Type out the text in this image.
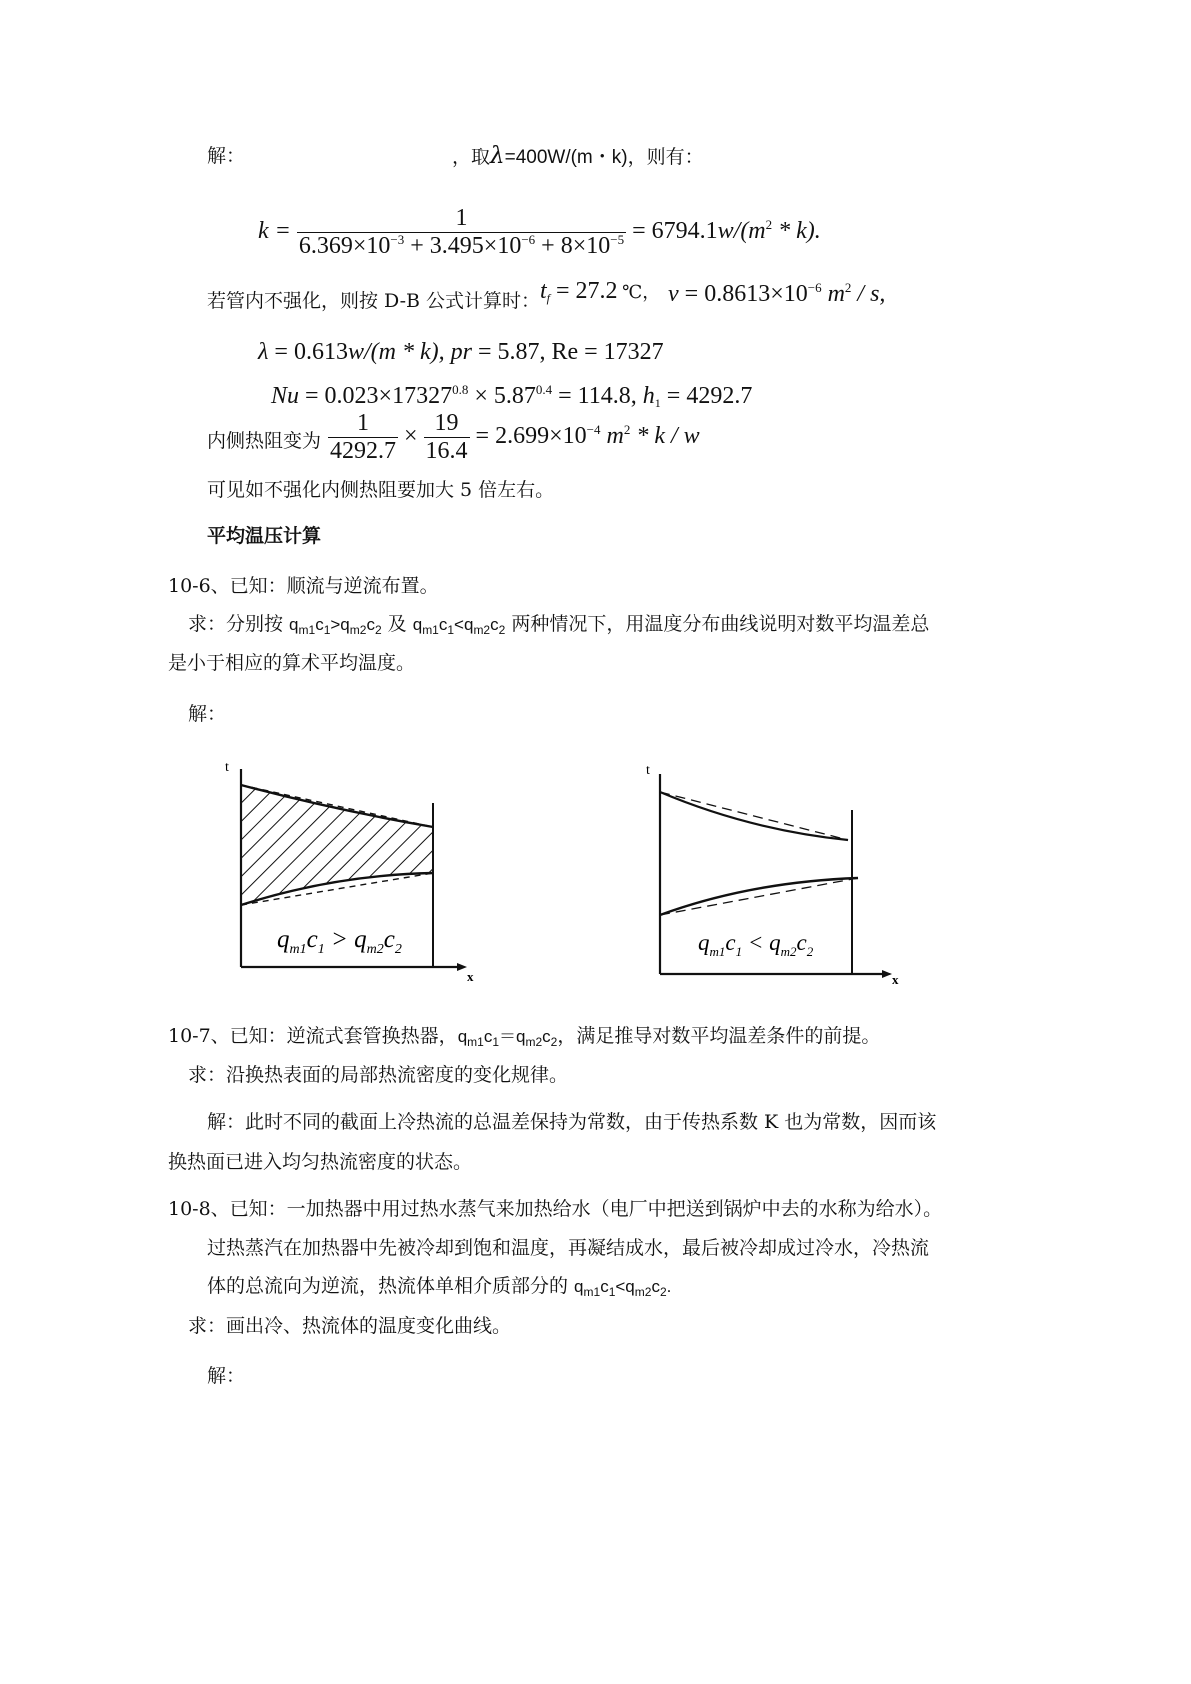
解：	，取λ=400W/(m・k)，则有：
$k = \frac{1}{6.369\times 10^{-3} + 3.495\times 10^{-6} + 8\times 10^{-5}} = 6794.1w/(m^2 * k)$.
若管内不强化，则按 D-B 公式计算时： $t_f = 27.2$ ℃， $\nu = 0.8613\times 10^{-6}$ $m^2$ / s,
λ = 0.613w/(m * k), pr = 5.87, Re = 17327
$Nu = 0.023\times 17327^{0.8} \times 5.87^{0.4} = 114.8$, $h_1 = 4292.7$
内侧热阻变为 $\frac{1}{4292.7} \times \frac{19}{16.4} = 2.699\times 10^{-4}$ $m^2$ * k / w
可见如不强化内侧热阻要加大 5 倍左右。
平均温压计算
10-6、已知：顺流与逆流布置。
求：分别按 $q_{m1}c_1>q_{m2}c_2$ 及 $q_{m1}c_1<q_{m2}c_2$ 两种情况下，用温度分布曲线说明对数平均温差总
是小于相应的算术平均温度。
解：
t
x
$q_{m1}c_1 > q_{m2}c_2$
t
x
$q_{m1}c_1 < q_{m2}c_2$
10-7、已知：逆流式套管换热器，$q_{m1}c_1=q_{m2}c_2$，满足推导对数平均温差条件的前提。
求：沿换热表面的局部热流密度的变化规律。
解：此时不同的截面上冷热流的总温差保持为常数，由于传热系数 K 也为常数，因而该
换热面已进入均匀热流密度的状态。
10-8、已知：一加热器中用过热水蒸气来加热给水（电厂中把送到锅炉中去的水称为给水）。
过热蒸汽在加热器中先被冷却到饱和温度，再凝结成水，最后被冷却成过冷水，冷热流
体的总流向为逆流，热流体单相介质部分的 $q_{m1}c_1<q_{m2}c_2$.
求：画出冷、热流体的温度变化曲线。
解：
